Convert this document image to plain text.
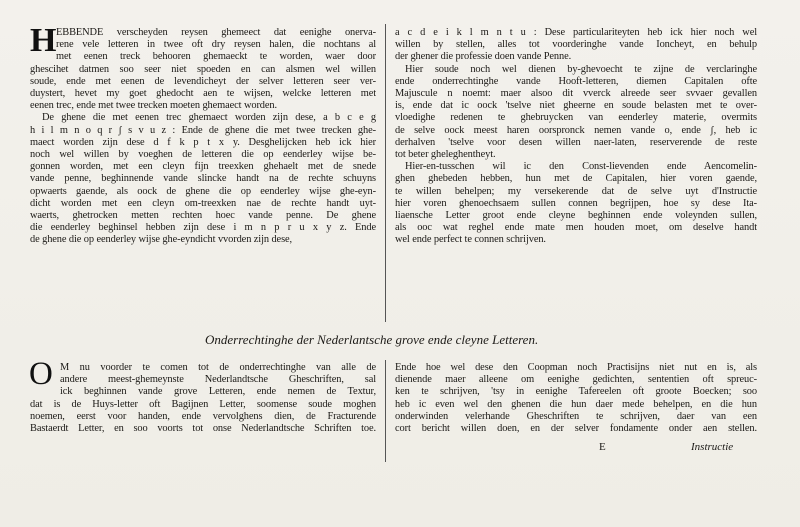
H EBBENDE verscheyden reysen ghemeect dat eenighe onerva-
rene vele letteren in twee oft dry reysen halen, die nochtans al
met eenen treck behooren ghemaeckt te worden, waer door
ghescihet datmen soo seer niet spoeden en can alsmen wel willen
soude, ende met eenen de levendicheyt der selver letteren seer ver-
duystert, hevet my goet ghedocht aen te wijsen, welcke letteren met
eenen trec, ende met twee trecken moeten ghemaect worden.
De ghene die met eenen trec ghemaect worden zijn dese, a b c e g
h i l m n o q r ʃ s v u z : Ende de ghene die met twee trecken ghe-
maect worden zijn dese d f k p t x y. Desghelijcken heb ick hier
noch wel willen by voeghen de letteren die op eenderley wijse be-
gonnen worden, met een cleyn fijn treexken ghehaelt met de snede
vande penne, beghinnende vande slincke handt na de rechte schuyns
opwaerts gaende, als oock de ghene die op eenderley wijse ghe-eyn-
dicht worden met een cleyn om-treexken nae de rechte handt uyt-
waerts, ghetrocken metten rechten hoec vande penne. De ghene
die eenderley beghinsel hebben zijn dese i m n p r u x y z. Ende
de ghene die op eenderley wijse ghe-eyndicht vvorden zijn dese,
a c d e i k l m n t u : Dese particulariteyten heb ick hier noch wel
willen by stellen, alles tot voorderinghe vande Ioncheyt, en behulp
der ghener die professie doen vande Penne.
Hier soude noch wel dienen by-ghevoecht te zijne de verclaringhe
ende onderrechtinghe vande Hooft-letteren, diemen Capitalen ofte
Majuscule n noemt: maer alsoo dit vverck alreede seer svvaer gevallen
is, ende dat ic oock 'tselve niet gheerne en soude belasten met te over-
vloedighe redenen te ghebruycken van eenderley materie, overmits
de selve oock meest haren oorspronck nemen vande o, ende ʃ, heb ic
derhalven 'tselve voor desen willen naer-laten, reserverende de reste
tot beter gheleghentheyt.
Hier-en-tusschen wil ic den Const-lievenden ende Aencomelin-
ghen ghebeden hebben, hun met de Capitalen, hier voren gaende,
te willen behelpen; my versekerende dat de selve uyt d'Instructie
hier voren ghenoechsaem sullen connen begrijpen, hoe sy dese Ita-
liaensche Letter groot ende cleyne beghinnen ende voleynden sullen,
als ooc wat reghel ende mate men houden moet, om deselve handt
wel ende perfect te connen schrijven.
Onderrechtinghe der Nederlantsche grove ende cleyne Letteren.
O M nu voorder te comen tot de onderrechtinghe van alle de
andere meest-ghemeynste Nederlandtsche Gheschriften, sal
ick beghinnen vande grove Letteren, ende nemen de Textur,
dat is de Huys-letter oft Bagijnen Letter, soomense soude moghen
noemen, eerst voor handen, ende vervolghens dien, de Fracturende
Bastaerdt Letter, en soo voorts tot onse Nederlandtsche Schriften toe.
Ende hoe wel dese den Coopman noch Practisijns niet nut en is, als
dienende maer alleene om eenighe gedichten, sententien oft spreuc-
ken te schrijven, 'tsy in eenighe Tafereelen oft groote Boecken; soo
heb ic even wel den ghenen die hun daer mede behelpen, en die hun
onderwinden velerhande Gheschriften te schrijven, daer van een
cort bericht willen doen, en der selver fondamente onder aen stellen.
E	Instructie
